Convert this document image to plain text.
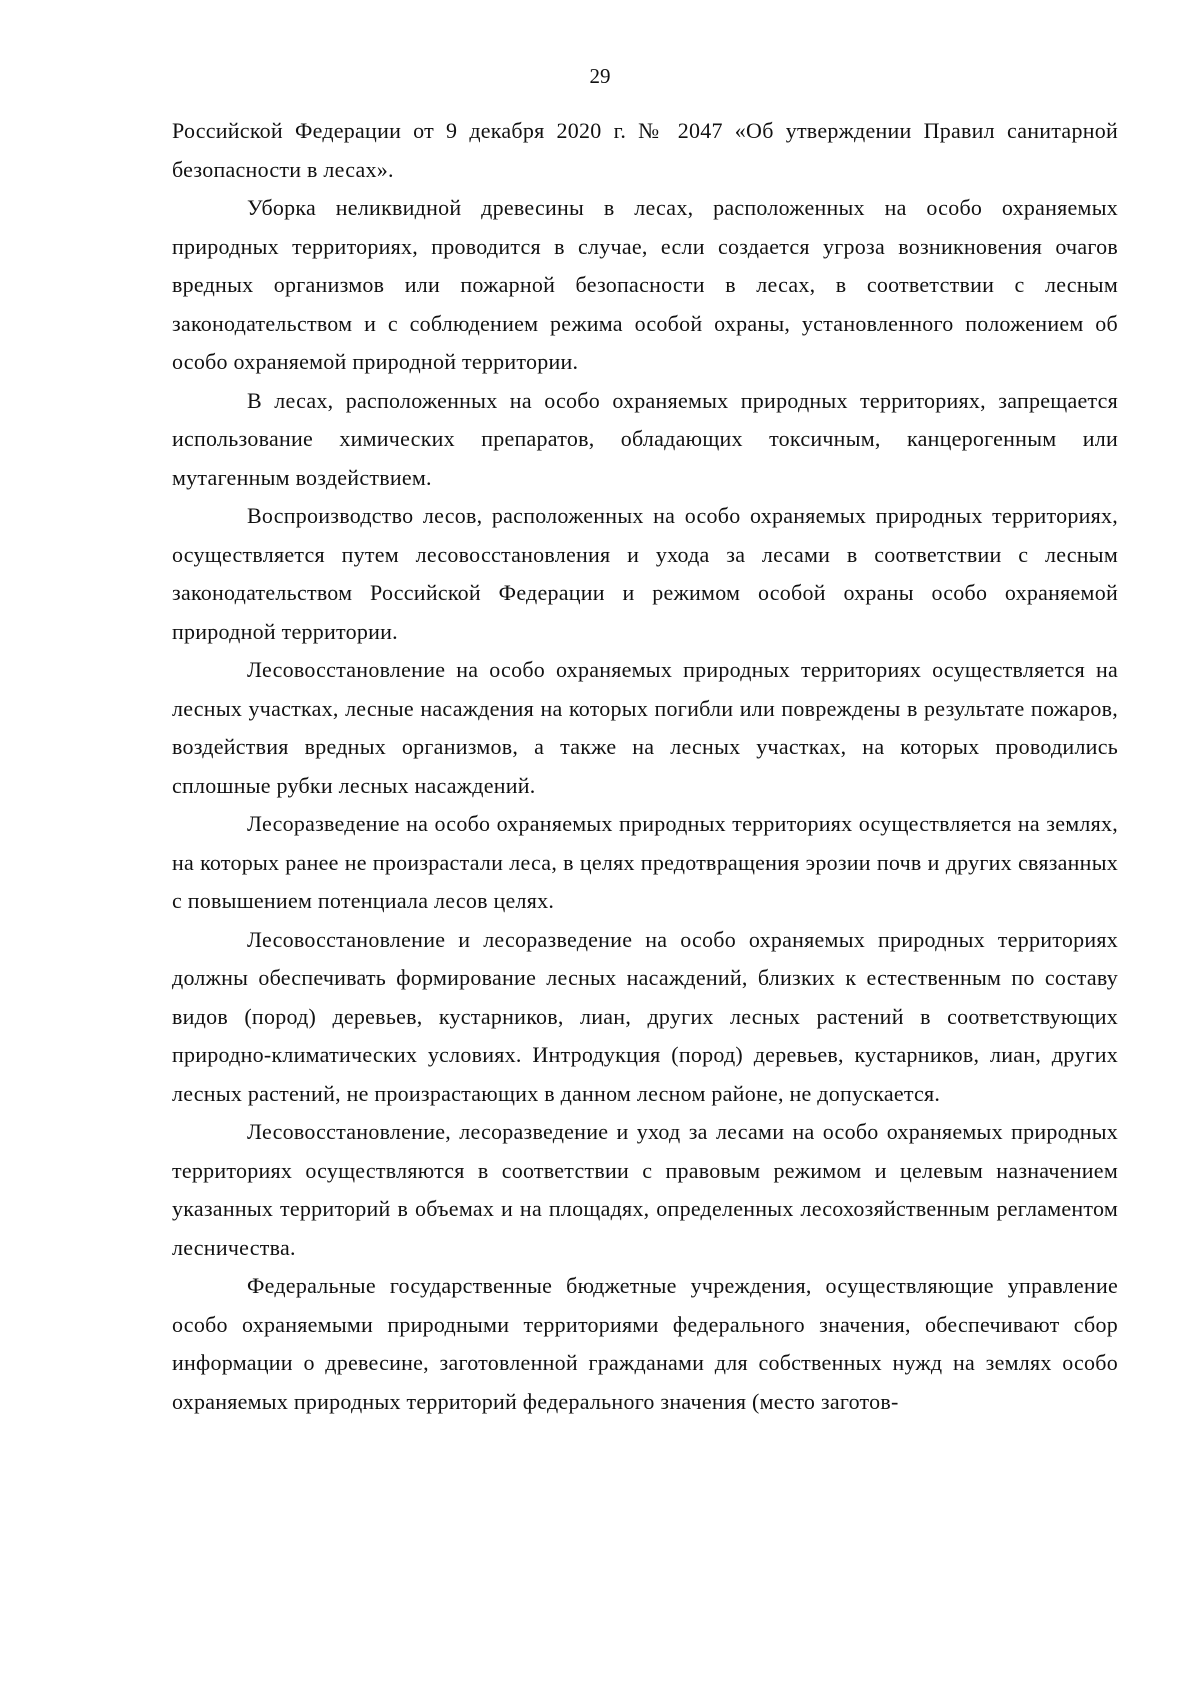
29

Российской Федерации от 9 декабря 2020 г. № 2047 «Об утверждении Правил санитарной безопасности в лесах».

Уборка неликвидной древесины в лесах, расположенных на особо охраняемых природных территориях, проводится в случае, если создается угроза возникновения очагов вредных организмов или пожарной безопасности в лесах, в соответствии с лесным законодательством и с соблюдением режима особой охраны, установленного положением об особо охраняемой природной территории.

В лесах, расположенных на особо охраняемых природных территориях, запрещается использование химических препаратов, обладающих токсичным, канцерогенным или мутагенным воздействием.

Воспроизводство лесов, расположенных на особо охраняемых природных территориях, осуществляется путем лесовосстановления и ухода за лесами в соответствии с лесным законодательством Российской Федерации и режимом особой охраны особо охраняемой природной территории.

Лесовосстановление на особо охраняемых природных территориях осуществляется на лесных участках, лесные насаждения на которых погибли или повреждены в результате пожаров, воздействия вредных организмов, а также на лесных участках, на которых проводились сплошные рубки лесных насаждений.

Лесоразведение на особо охраняемых природных территориях осуществляется на землях, на которых ранее не произрастали леса, в целях предотвращения эрозии почв и других связанных с повышением потенциала лесов целях.

Лесовосстановление и лесоразведение на особо охраняемых природных территориях должны обеспечивать формирование лесных насаждений, близких к естественным по составу видов (пород) деревьев, кустарников, лиан, других лесных растений в соответствующих природно-климатических условиях. Интродукция (пород) деревьев, кустарников, лиан, других лесных растений, не произрастающих в данном лесном районе, не допускается.

Лесовосстановление, лесоразведение и уход за лесами на особо охраняемых природных территориях осуществляются в соответствии с правовым режимом и целевым назначением указанных территорий в объемах и на площадях, определенных лесохозяйственным регламентом лесничества.

Федеральные государственные бюджетные учреждения, осуществляющие управление особо охраняемыми природными территориями федерального значения, обеспечивают сбор информации о древесине, заготовленной гражданами для собственных нужд на землях особо охраняемых природных территорий федерального значения (место заготов-
